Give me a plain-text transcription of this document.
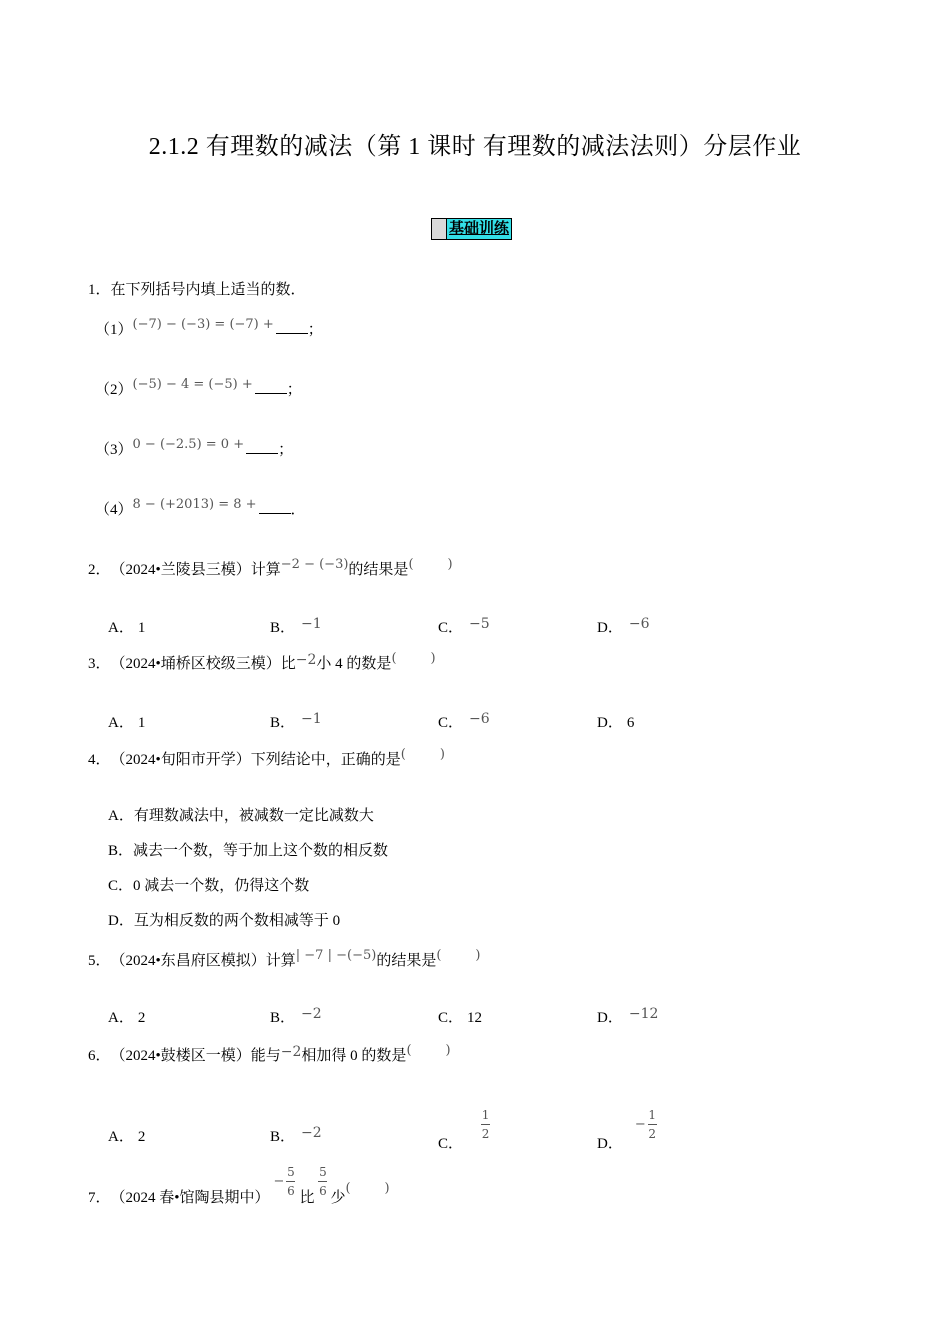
2.1.2 有理数的减法（第 1 课时 有理数的减法法则）分层作业
基础训练
1．在下列括号内填上适当的数．
（1） (−7) − (−3) = (−7) + ；
（2） (−5) − 4 = (−5) + ；
（3） 0 − (−2.5) = 0 + ；
（4） 8 − (+2013) = 8 + ．
2． （2024•兰陵县三模）计算 −2 − (−3) 的结果是 (	)
A． 1	B． −1	C． −5	D． −6
3． （2024•埇桥区校级三模）比 −2 小 4 的数是 (	)
A． 1	B． −1	C． −6	D． 6
4． （2024•旬阳市开学）下列结论中，正确的是 (	)
A．有理数减法中，被减数一定比减数大
B．减去一个数，等于加上这个数的相反数
C．0 减去一个数，仍得这个数
D．互为相反数的两个数相减等于 0
5． （2024•东昌府区模拟）计算 | −7 | −(−5) 的结果是 (	)
A． 2	B． −2	C． 12	D． −12
6． （2024•鼓楼区一模）能与 −2 相加得 0 的数是 (	)
A． 2	B． −2
C．
$\frac{1}{2}$
D．
− $\frac{1}{2}$
7． （2024 春•馆陶县期中）
− $\frac{5}{6}$ 比 $\frac{5}{6}$ 少
(	)
